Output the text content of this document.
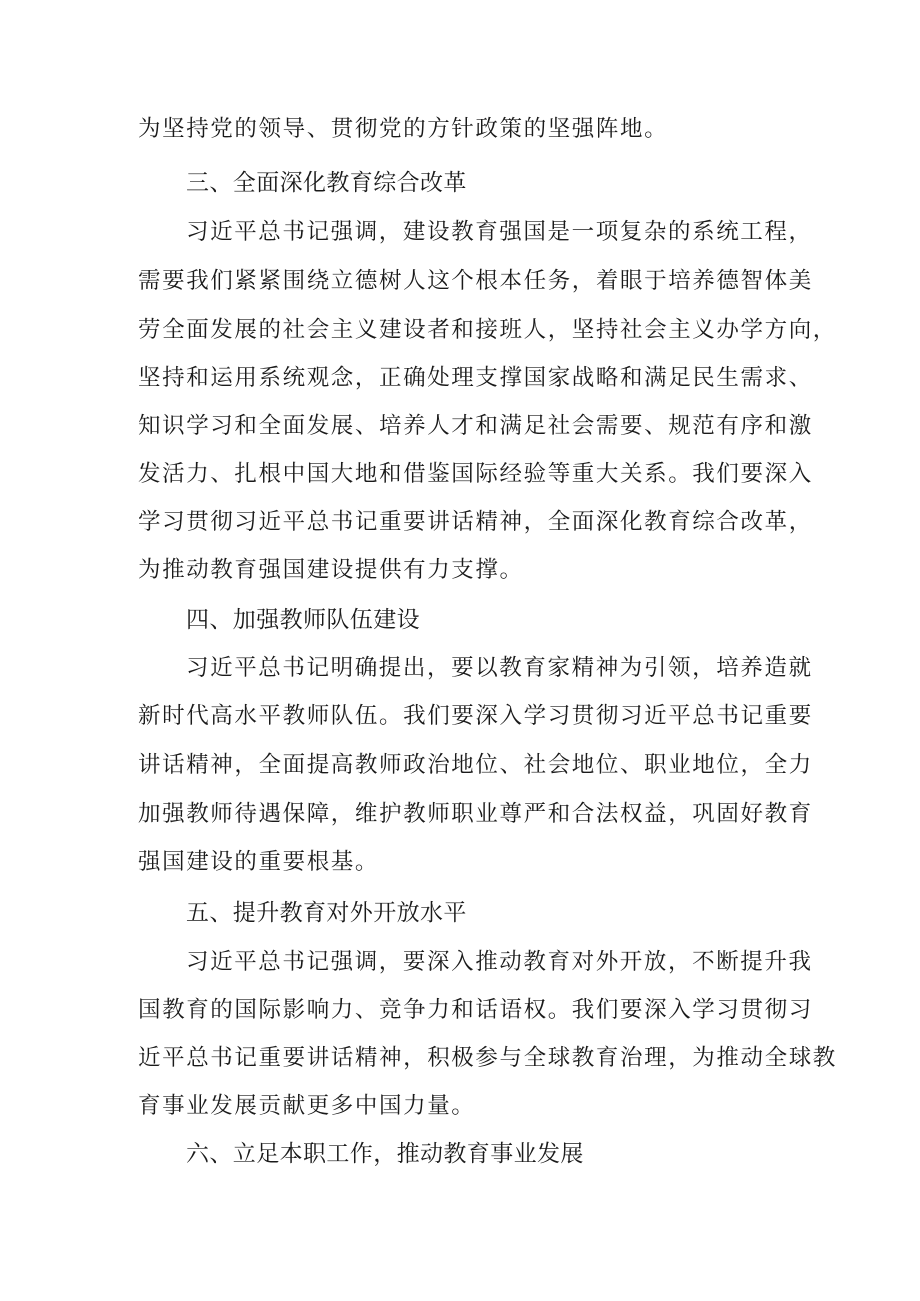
为坚持党的领导、贯彻党的方针政策的坚强阵地。
三、全面深化教育综合改革
习近平总书记强调，建设教育强国是一项复杂的系统工程，
需要我们紧紧围绕立德树人这个根本任务，着眼于培养德智体美
劳全面发展的社会主义建设者和接班人，坚持社会主义办学方向，
坚持和运用系统观念，正确处理支撑国家战略和满足民生需求、
知识学习和全面发展、培养人才和满足社会需要、规范有序和激
发活力、扎根中国大地和借鉴国际经验等重大关系。我们要深入
学习贯彻习近平总书记重要讲话精神，全面深化教育综合改革，
为推动教育强国建设提供有力支撑。
四、加强教师队伍建设
习近平总书记明确提出，要以教育家精神为引领，培养造就
新时代高水平教师队伍。我们要深入学习贯彻习近平总书记重要
讲话精神，全面提高教师政治地位、社会地位、职业地位，全力
加强教师待遇保障，维护教师职业尊严和合法权益，巩固好教育
强国建设的重要根基。
五、提升教育对外开放水平
习近平总书记强调，要深入推动教育对外开放，不断提升我
国教育的国际影响力、竞争力和话语权。我们要深入学习贯彻习
近平总书记重要讲话精神，积极参与全球教育治理，为推动全球教
育事业发展贡献更多中国力量。
六、立足本职工作，推动教育事业发展
